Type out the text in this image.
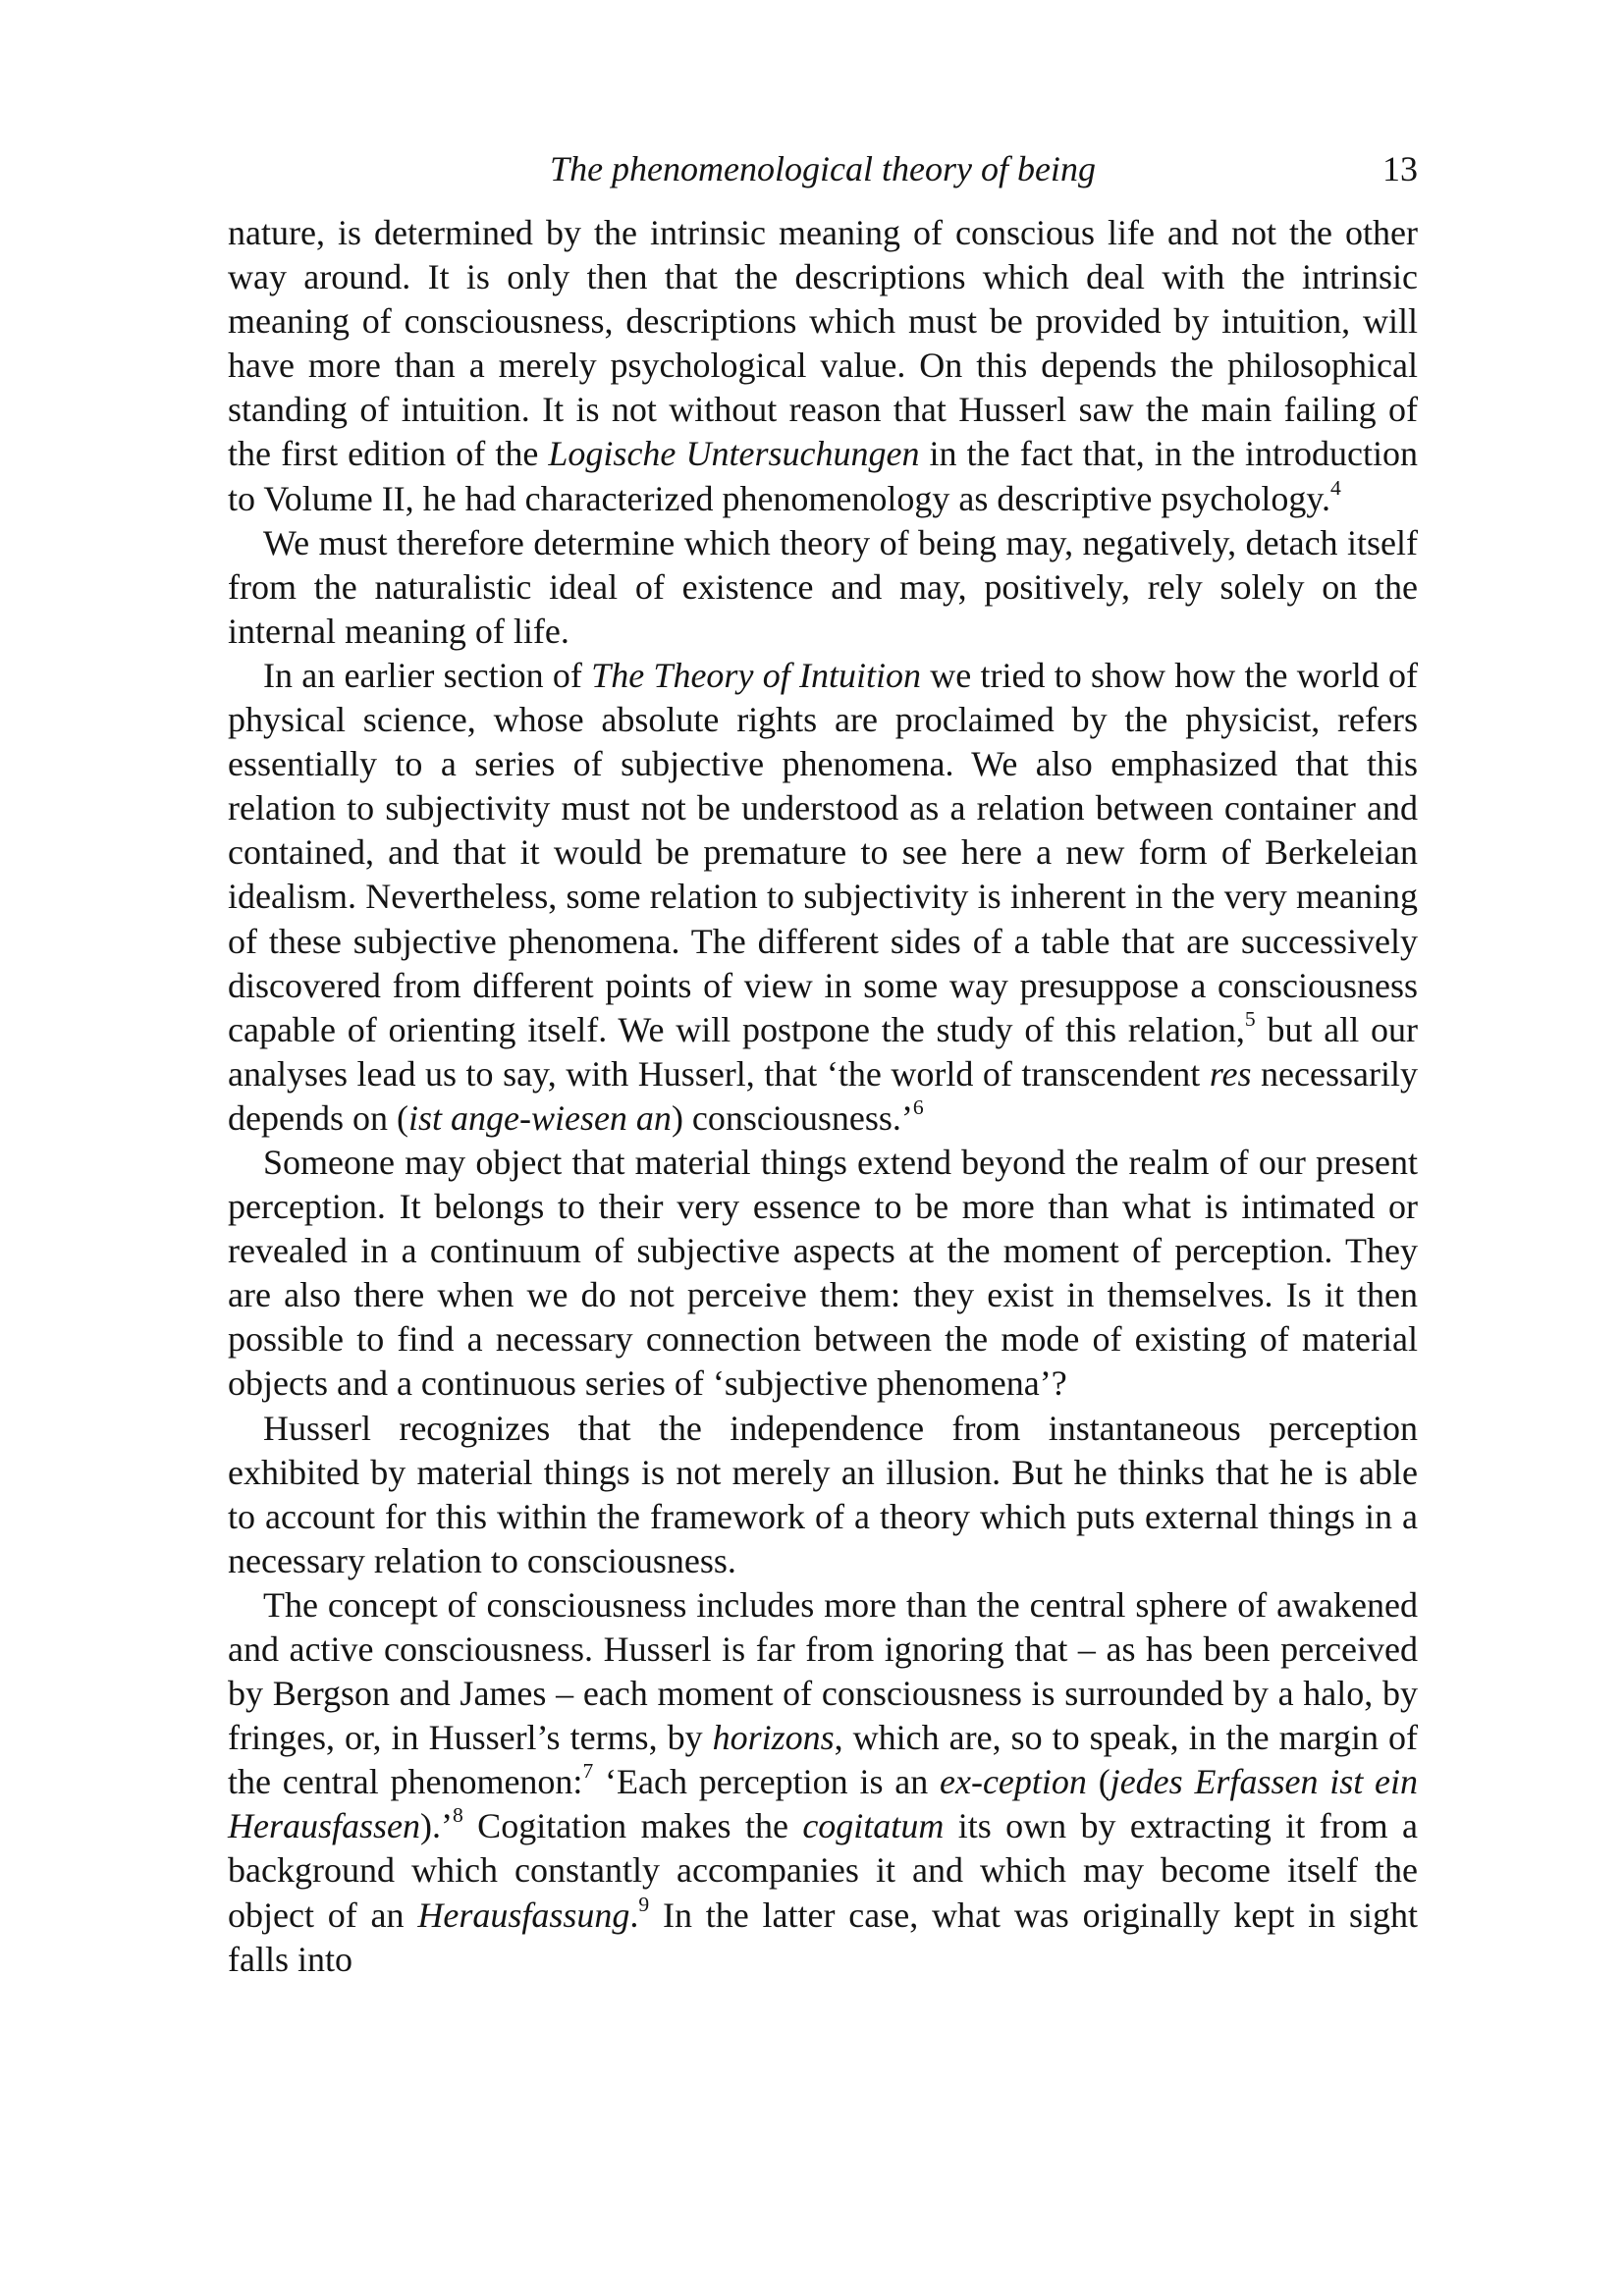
The phenomenological theory of being	13

nature, is determined by the intrinsic meaning of conscious life and not the other way around. It is only then that the descriptions which deal with the intrinsic meaning of consciousness, descriptions which must be provided by intuition, will have more than a merely psychological value. On this depends the philosophical standing of intuition. It is not without reason that Husserl saw the main failing of the first edition of the Logische Untersuchungen in the fact that, in the introduction to Volume II, he had characterized phenomenology as descriptive psychology.$^4$

We must therefore determine which theory of being may, negatively, detach itself from the naturalistic ideal of existence and may, positively, rely solely on the internal meaning of life.

In an earlier section of The Theory of Intuition we tried to show how the world of physical science, whose absolute rights are proclaimed by the physicist, refers essentially to a series of subjective phenomena. We also emphasized that this relation to subjectivity must not be understood as a relation between container and contained, and that it would be premature to see here a new form of Berkeleian idealism. Nevertheless, some relation to subjectivity is inherent in the very meaning of these subjective phenomena. The different sides of a table that are successively discovered from different points of view in some way presuppose a consciousness capable of orienting itself. We will postpone the study of this relation,$^5$ but all our analyses lead us to say, with Husserl, that ‘the world of transcendent res necessarily depends on (ist ange-wiesen an) consciousness.’$^6$

Someone may object that material things extend beyond the realm of our present perception. It belongs to their very essence to be more than what is intimated or revealed in a continuum of subjective aspects at the moment of perception. They are also there when we do not perceive them: they exist in themselves. Is it then possible to find a necessary connection between the mode of existing of material objects and a continuous series of ‘subjective phenomena’?

Husserl recognizes that the independence from instantaneous perception exhibited by material things is not merely an illusion. But he thinks that he is able to account for this within the framework of a theory which puts external things in a necessary relation to consciousness.

The concept of consciousness includes more than the central sphere of awakened and active consciousness. Husserl is far from ignoring that – as has been perceived by Bergson and James – each moment of consciousness is surrounded by a halo, by fringes, or, in Husserl’s terms, by horizons, which are, so to speak, in the margin of the central phenomenon:$^7$ ‘Each perception is an ex-ception (jedes Erfassen ist ein Herausfassen).’$^8$ Cogitation makes the cogitatum its own by extracting it from a background which constantly accompanies it and which may become itself the object of an Herausfassung.$^9$ In the latter case, what was originally kept in sight falls into
